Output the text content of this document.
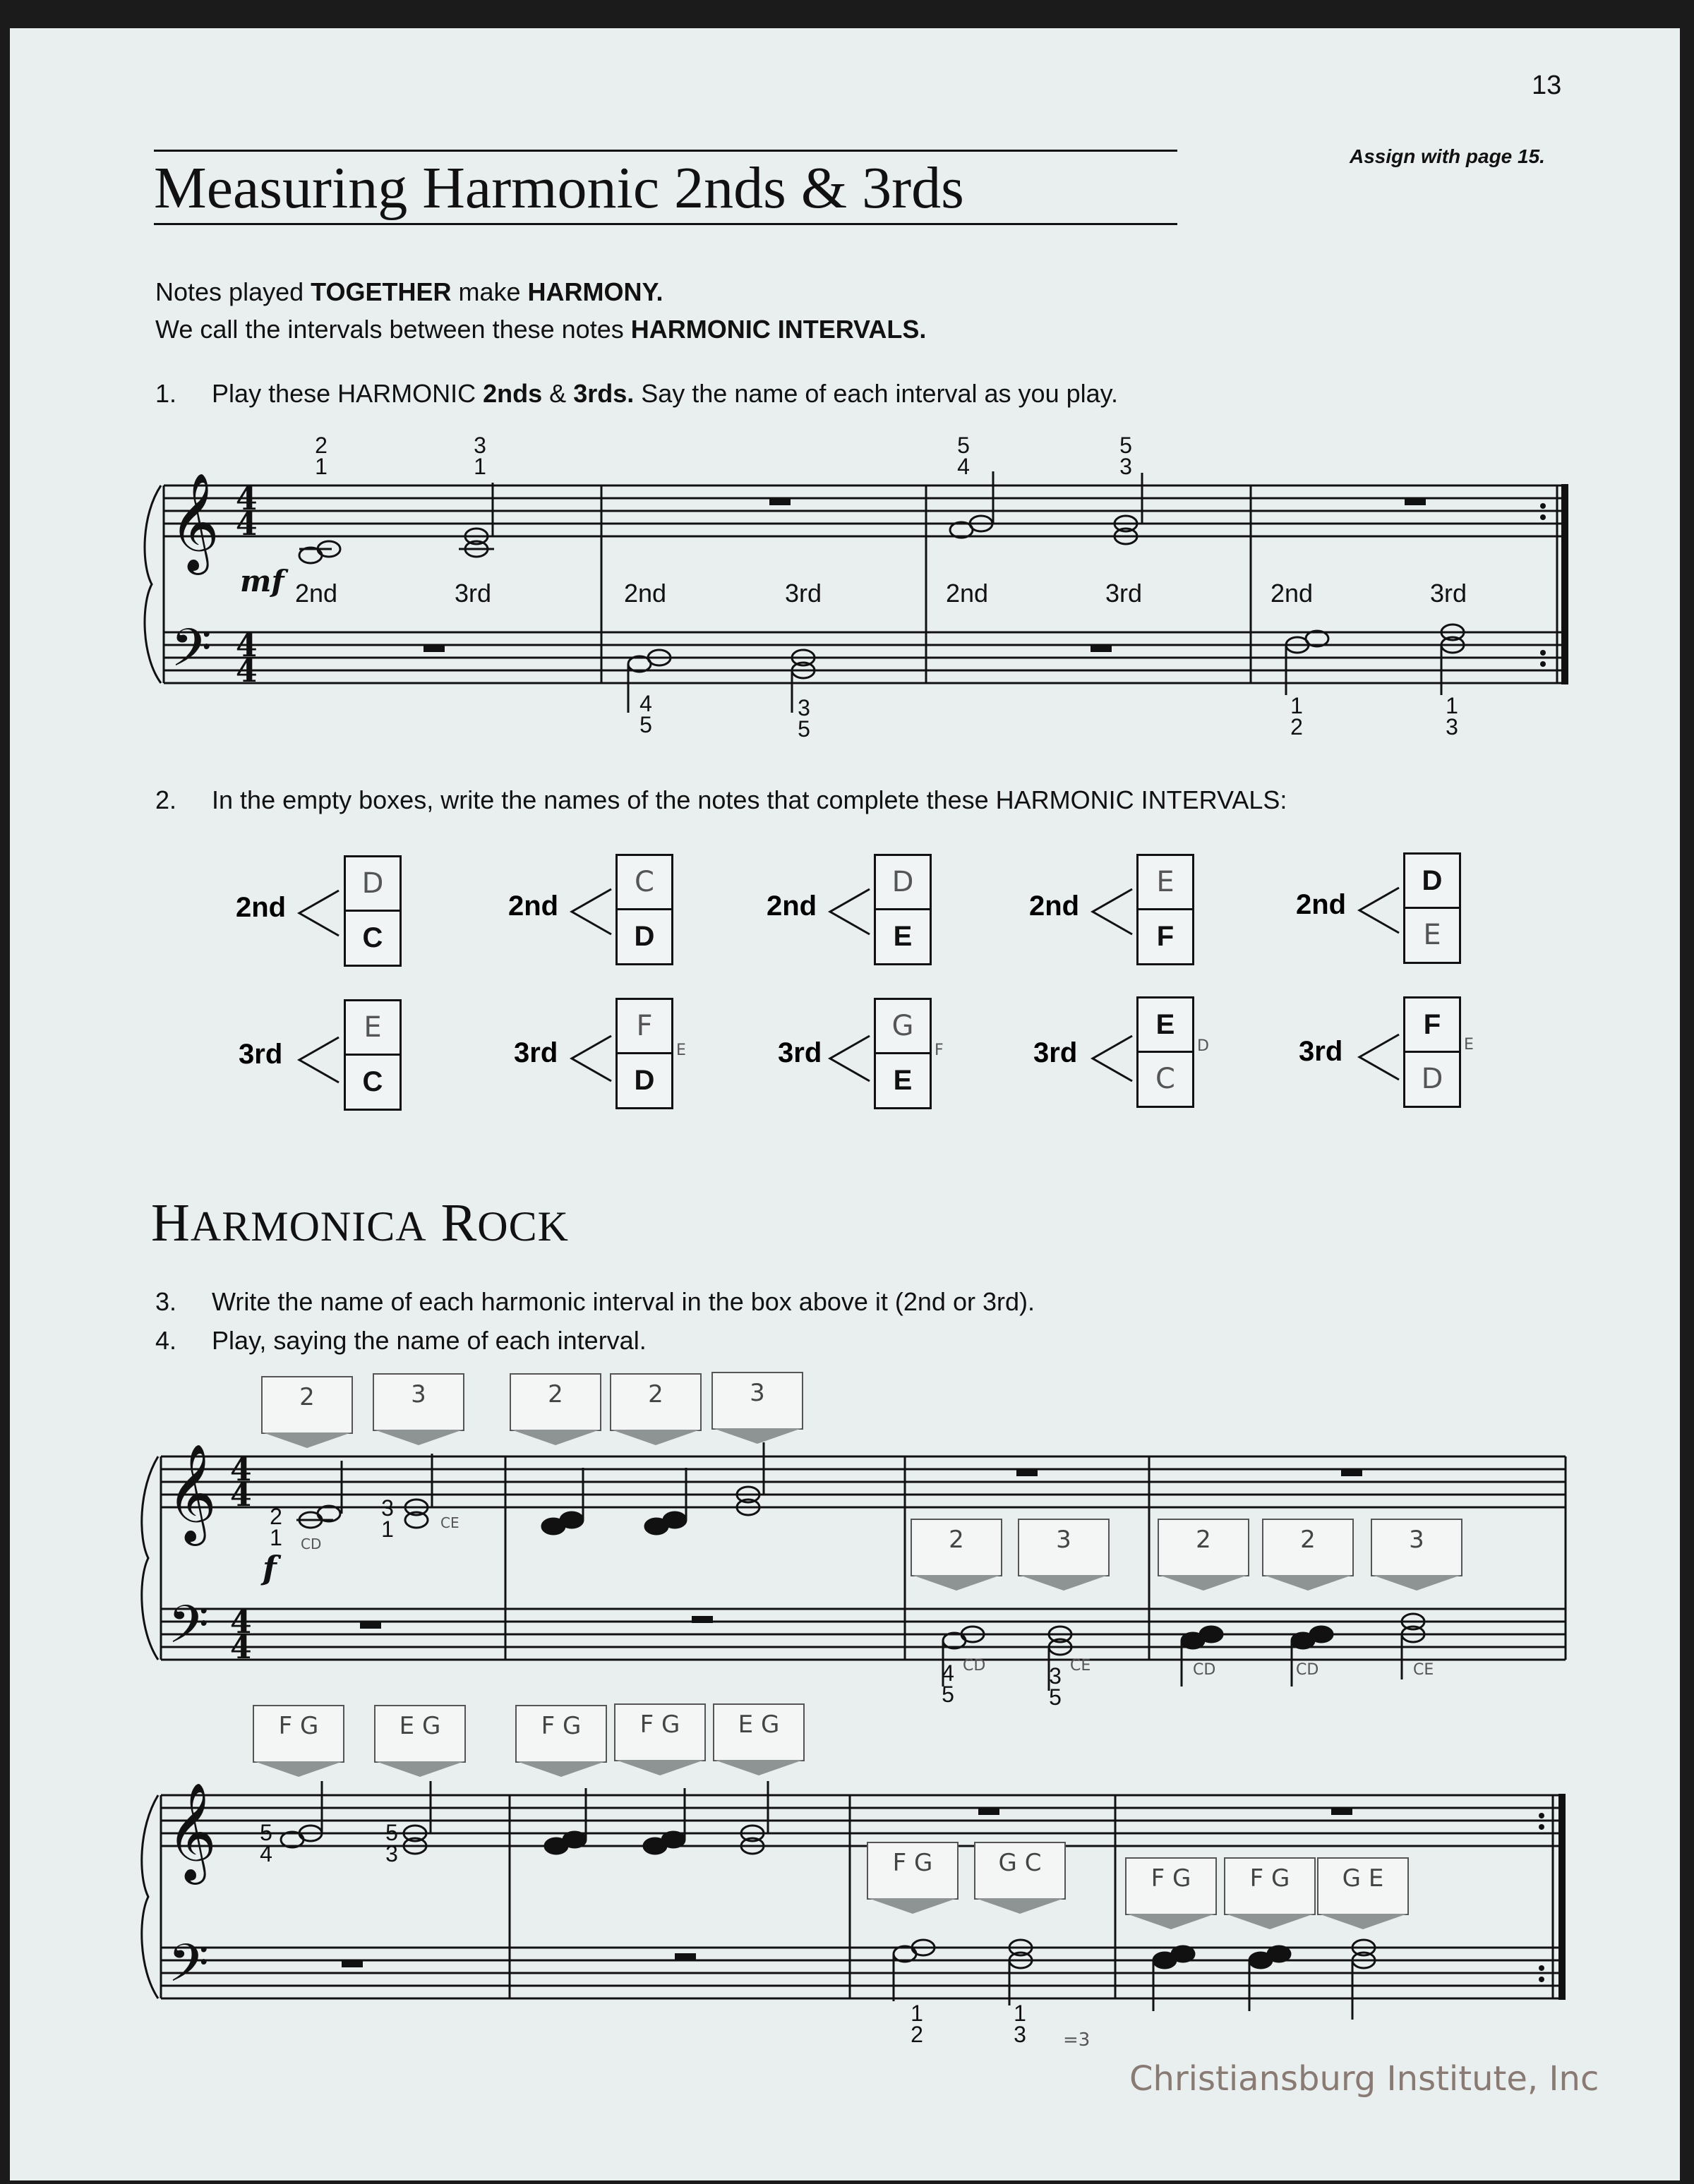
13
Assign with page 15.
Measuring Harmonic 2nds & 3rds
Notes played TOGETHER make HARMONY.
We call the intervals between these notes HARMONIC INTERVALS.
1. Play these HARMONIC 2nds & 3rds. Say the name of each interval as you play.
𝄞
𝄢
4
4
4
4
mf
2
1
3
1
5
4
5
3
4
5
3
5
1
2
1
3
2nd	3rd	2nd	3rd	2nd	3rd	2nd	3rd
2. In the empty boxes, write the names of the notes that complete these HARMONIC INTERVALS:
2nd
D
C
2nd
C
D
2nd
D
E
2nd
E
F
2nd
D
E
3rd
E
C
3rd
F
D
E	3rd
G
E
F	3rd
E
C
D	3rd
F
D
E
HARMONICA ROCK
3. Write the name of each harmonic interval in the box above it (2nd or 3rd).
4. Play, saying the name of each interval.
𝄞
𝄢
4
4
4
4
f
2
1
3
1
4
5
3
5
CD
CE
CD	CE	CD	CD	CE
2	3	2	2	3
2	3	2	2	3
𝄞
𝄢
5
4
5
3
1
2
1
3 =3
F G	E G	F G	F G	E G
F G	G C
F G	F G	G E
Christiansburg Institute, Inc
